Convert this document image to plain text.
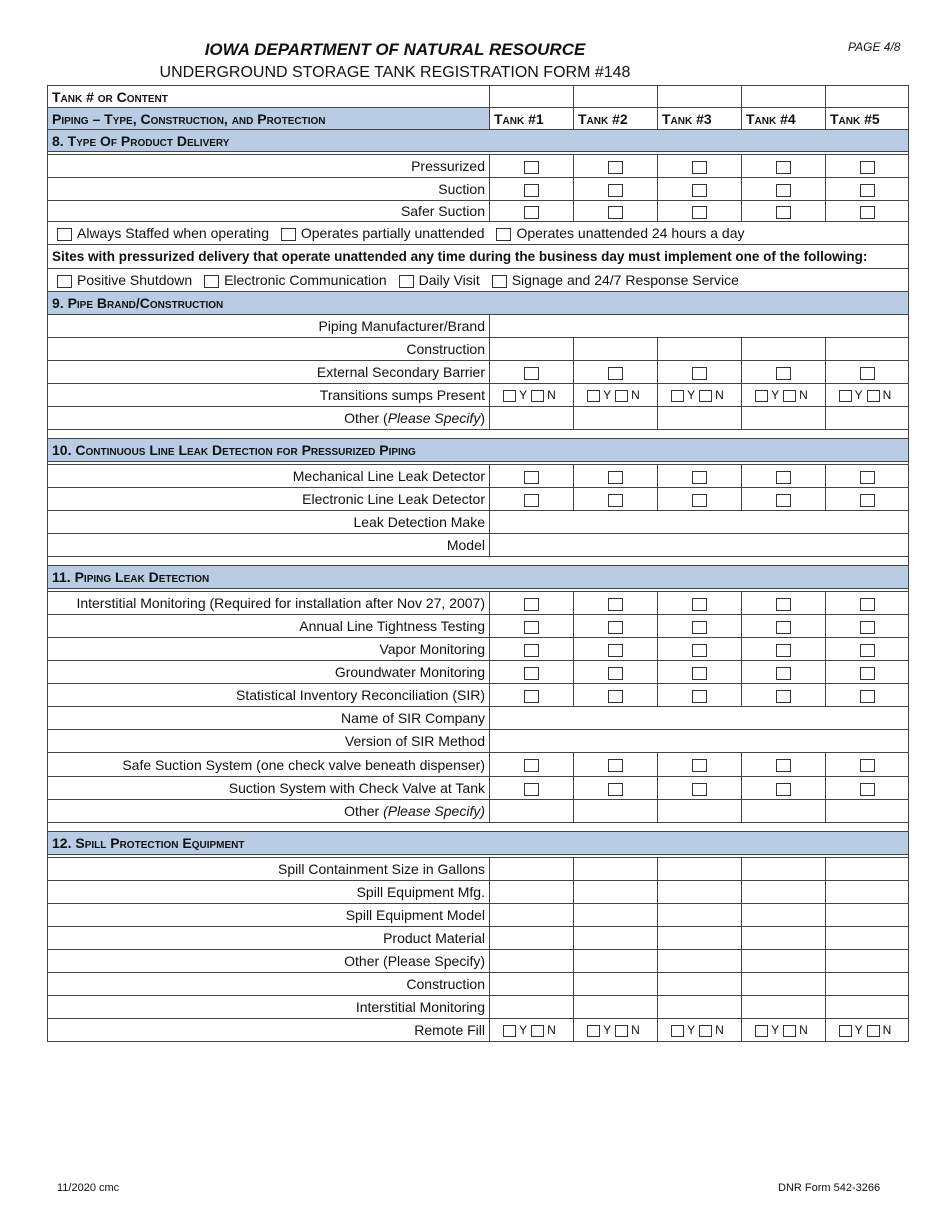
IOWA DEPARTMENT OF NATURAL RESOURCE
UNDERGROUND STORAGE TANK REGISTRATION FORM #148
PAGE 4/8
Tank # or Content					
Piping – Type, Construction, and Protection	Tank #1	Tank #2	Tank #3	Tank #4	Tank #5
8. Type Of Product Delivery					

Pressurized					
Suction					
Safer Suction					
Always Staffed when operating Operates partially unattended Operates unattended 24 hours a day					
Sites with pressurized delivery that operate unattended any time during the business day must implement one of the following:					
Positive Shutdown Electronic Communication Daily Visit Signage and 24/7 Response Service					
9. Pipe Brand/Construction					
Piping Manufacturer/Brand					
Construction					
External Secondary Barrier					
Transitions sumps Present	Y N	Y N	Y N	Y N	Y N
Other (Please Specify)					

10. Continuous Line Leak Detection for Pressurized Piping					

Mechanical Line Leak Detector					
Electronic Line Leak Detector					
Leak Detection Make					
Model					

11. Piping Leak Detection					

Interstitial Monitoring (Required for installation after Nov 27, 2007)					
Annual Line Tightness Testing					
Vapor Monitoring					
Groundwater Monitoring					
Statistical Inventory Reconciliation (SIR)					
Name of SIR Company					
Version of SIR Method					
Safe Suction System (one check valve beneath dispenser)					
Suction System with Check Valve at Tank					
Other (Please Specify)					

12. Spill Protection Equipment					

Spill Containment Size in Gallons					
Spill Equipment Mfg.					
Spill Equipment Model					
Product Material					
Other (Please Specify)					
Construction					
Interstitial Monitoring					
Remote Fill	Y N	Y N	Y N	Y N	Y N
11/2020 cmc	DNR Form 542-3266
